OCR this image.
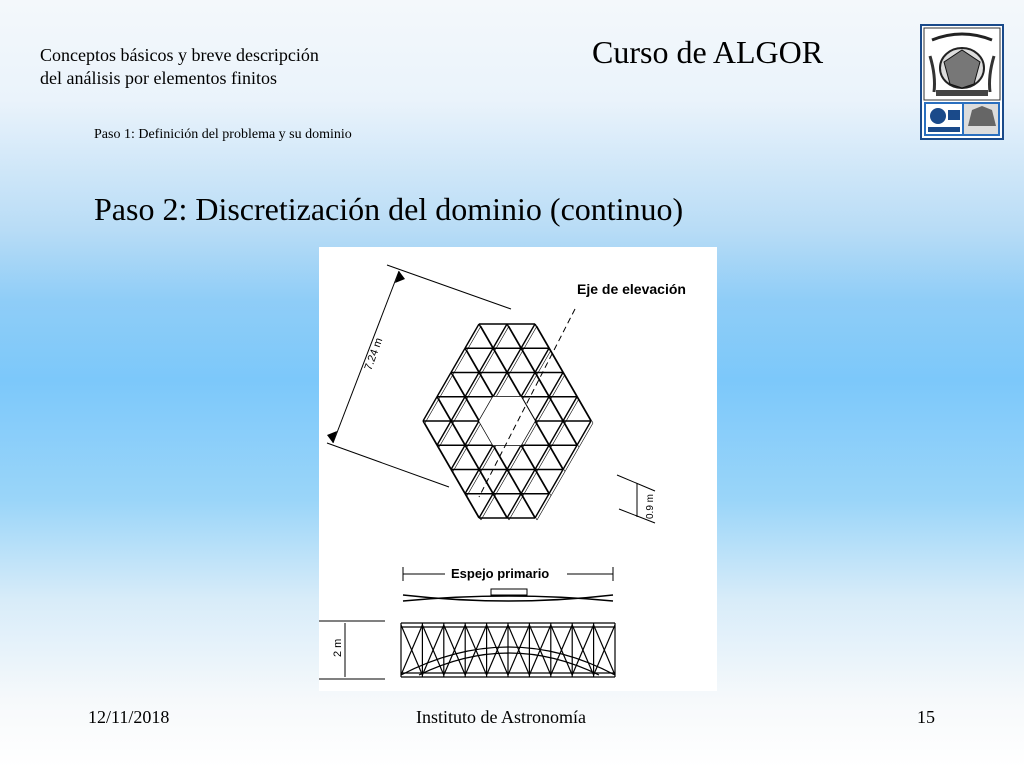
Conceptos básicos y breve descripción
del análisis por elementos finitos
Curso de ALGOR
Paso 1: Definición del problema y su dominio
Paso 2: Discretización del dominio (continuo)
Eje de elevación
7.24 m
0.9 m
Espejo primario
2 m
12/11/2018	Instituto de Astronomía	15
